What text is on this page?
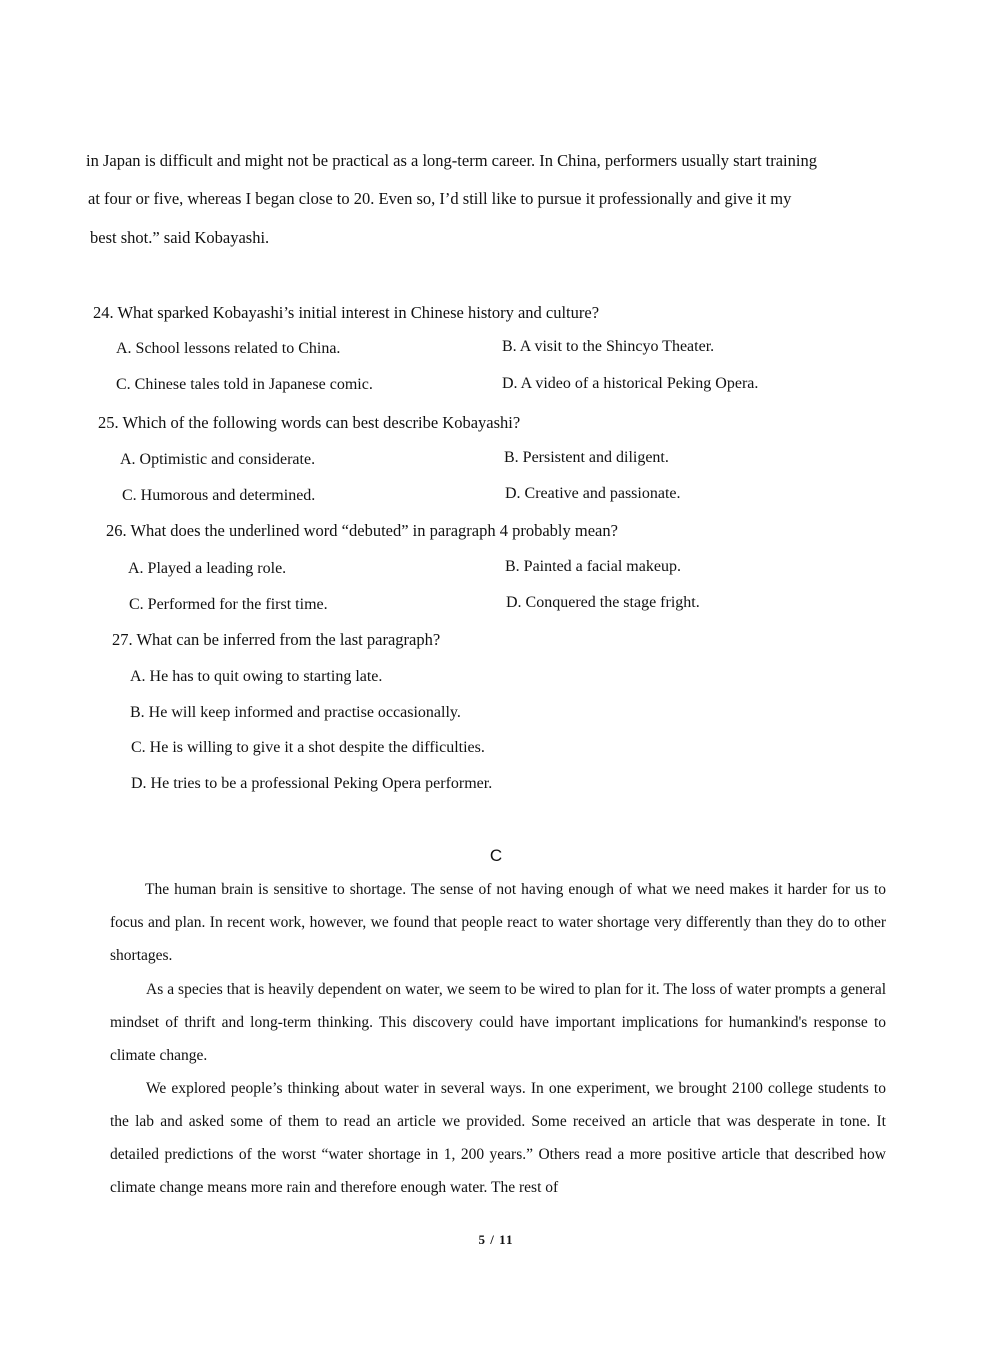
in Japan is difficult and might not be practical as a long-term career. In China, performers usually start training
at four or five, whereas I began close to 20. Even so, I’d still like to pursue it professionally and give it my
best shot.” said Kobayashi.
24. What sparked Kobayashi’s initial interest in Chinese history and culture?
A. School lessons related to China.	B. A visit to the Shincyo Theater.
C. Chinese tales told in Japanese comic.	D. A video of a historical Peking Opera.
25. Which of the following words can best describe Kobayashi?
A. Optimistic and considerate.	B. Persistent and diligent.
C. Humorous and determined.	D. Creative and passionate.
26. What does the underlined word “debuted” in paragraph 4 probably mean?
A. Played a leading role.	B. Painted a facial makeup.
C. Performed for the first time.	D. Conquered the stage fright.
27. What can be inferred from the last paragraph?
A. He has to quit owing to starting late.
B. He will keep informed and practise occasionally.
C. He is willing to give it a shot despite the difficulties.
D. He tries to be a professional Peking Opera performer.
C
The human brain is sensitive to shortage. The sense of not having enough of what we need makes it harder for us to focus and plan. In recent work, however, we found that people react to water shortage very differently than they do to other shortages.
As a species that is heavily dependent on water, we seem to be wired to plan for it. The loss of water prompts a general mindset of thrift and long-term thinking. This discovery could have important implications for humankind's response to climate change.
We explored people’s thinking about water in several ways. In one experiment, we brought 2100 college students to the lab and asked some of them to read an article we provided. Some received an article that was desperate in tone. It detailed predictions of the worst “water shortage in 1, 200 years.” Others read a more positive article that described how climate change means more rain and therefore enough water. The rest of
5 / 11
